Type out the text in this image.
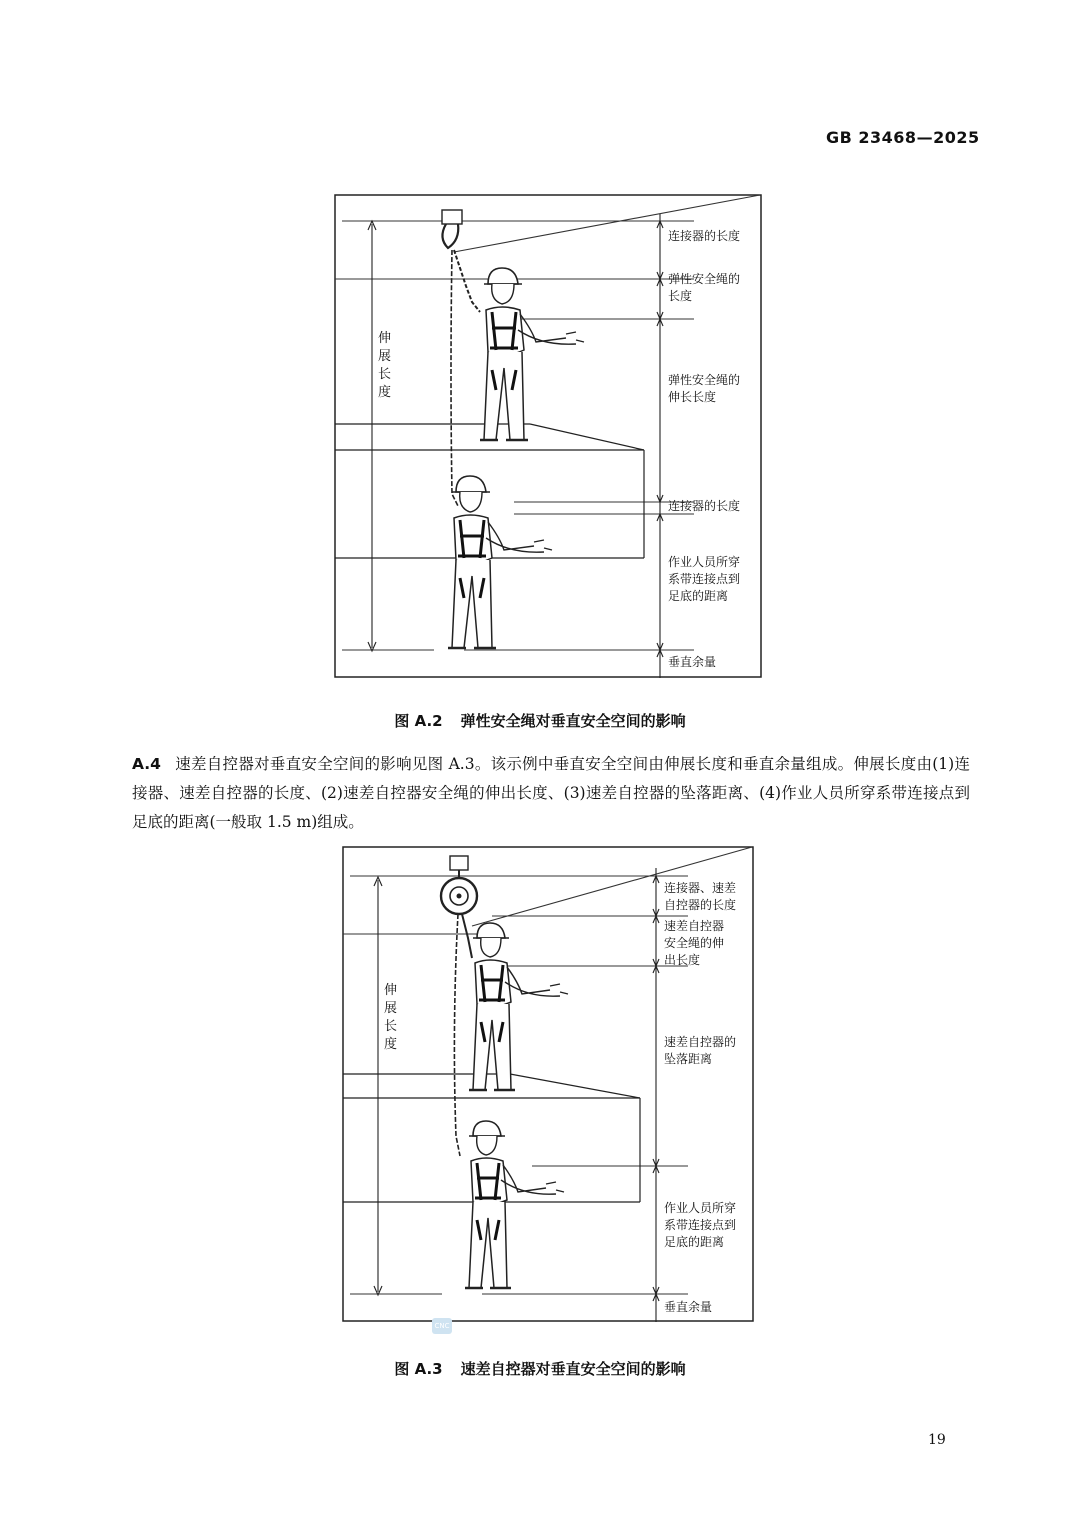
GB 23468—2025
伸
展
长
度
连接器的长度
弹性安全绳的
长度
弹性安全绳的
伸长长度
连接器的长度
作业人员所穿
系带连接点到
足底的距离
垂直余量
图 A.2 弹性安全绳对垂直安全空间的影响
A.4 速差自控器对垂直安全空间的影响见图 A.3。该示例中垂直安全空间由伸展长度和垂直余量组成。伸展长度由(1)连接器、速差自控器的长度、(2)速差自控器安全绳的伸出长度、(3)速差自控器的坠落距离、(4)作业人员所穿系带连接点到足底的距离(一般取 1.5 m)组成。
伸
展
长
度
连接器、速差
自控器的长度
速差自控器
安全绳的伸
出长度
速差自控器的
坠落距离
作业人员所穿
系带连接点到
足底的距离
垂直余量
CNC
图 A.3 速差自控器对垂直安全空间的影响
19
